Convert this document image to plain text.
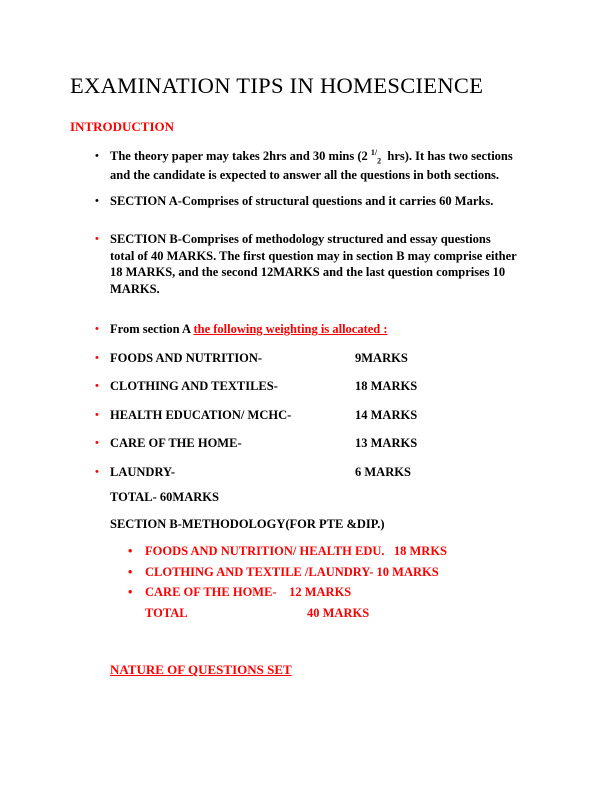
EXAMINATION TIPS IN HOMESCIENCE
INTRODUCTION
•

The theory paper may takes 2hrs and 30 mins (2 $^{1/}_2$  hrs). It has two sections and the candidate is expected to answer all the questions in both sections.

•

SECTION A-Comprises of structural questions and it carries 60 Marks.

•

SECTION B-Comprises of methodology structured and essay questions total of 40 MARKS. The first question may in section B may comprise either 18 MARKS, and the second 12MARKS and the last question comprises 10 MARKS.

•

From section A the following weighting is allocated :

•
FOODS AND NUTRITION-	9MARKS
•
CLOTHING AND TEXTILES-	18 MARKS
•
HEALTH EDUCATION/ MCHC-	14 MARKS
•
CARE OF THE HOME-	13 MARKS
•
LAUNDRY-	6 MARKS
TOTAL- 60MARKS
SECTION B-METHODOLOGY(FOR PTE &DIP.)
•
FOODS AND NUTRITION/ HEALTH EDU.   18 MRKS
•
CLOTHING AND TEXTILE /LAUNDRY- 10 MARKS
•
CARE OF THE HOME-    12 MARKS
TOTAL	40 MARKS
NATURE OF QUESTIONS SET
